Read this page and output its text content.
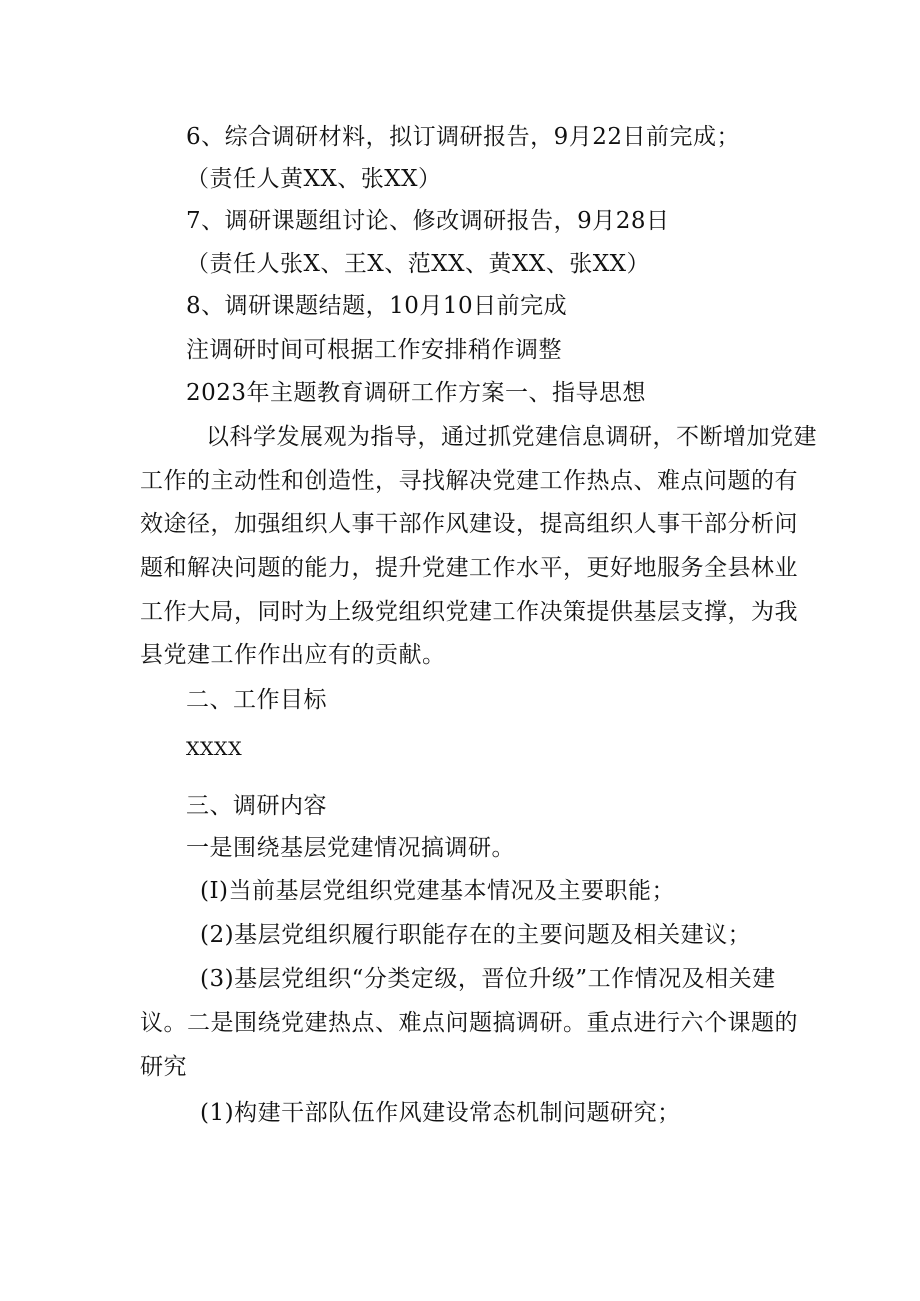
6、综合调研材料，拟订调研报告，9月22日前完成；
（责任人黄XX、张XX）
7、调研课题组讨论、修改调研报告，9月28日
（责任人张X、王X、范XX、黄XX、张XX）
8、调研课题结题，10月10日前完成
注调研时间可根据工作安排稍作调整
2023年主题教育调研工作方案一、指导思想
以科学发展观为指导，通过抓党建信息调研，不断增加党建
工作的主动性和创造性，寻找解决党建工作热点、难点问题的有
效途径，加强组织人事干部作风建设，提高组织人事干部分析问
题和解决问题的能力，提升党建工作水平，更好地服务全县林业
工作大局，同时为上级党组织党建工作决策提供基层支撑，为我
县党建工作作出应有的贡献。
二、工作目标
XXXX
三、调研内容
一是围绕基层党建情况搞调研。
(I)当前基层党组织党建基本情况及主要职能；
(2)基层党组织履行职能存在的主要问题及相关建议；
(3)基层党组织“分类定级，晋位升级”工作情况及相关建
议。二是围绕党建热点、难点问题搞调研。重点进行六个课题的
研究
(1)构建干部队伍作风建设常态机制问题研究；
